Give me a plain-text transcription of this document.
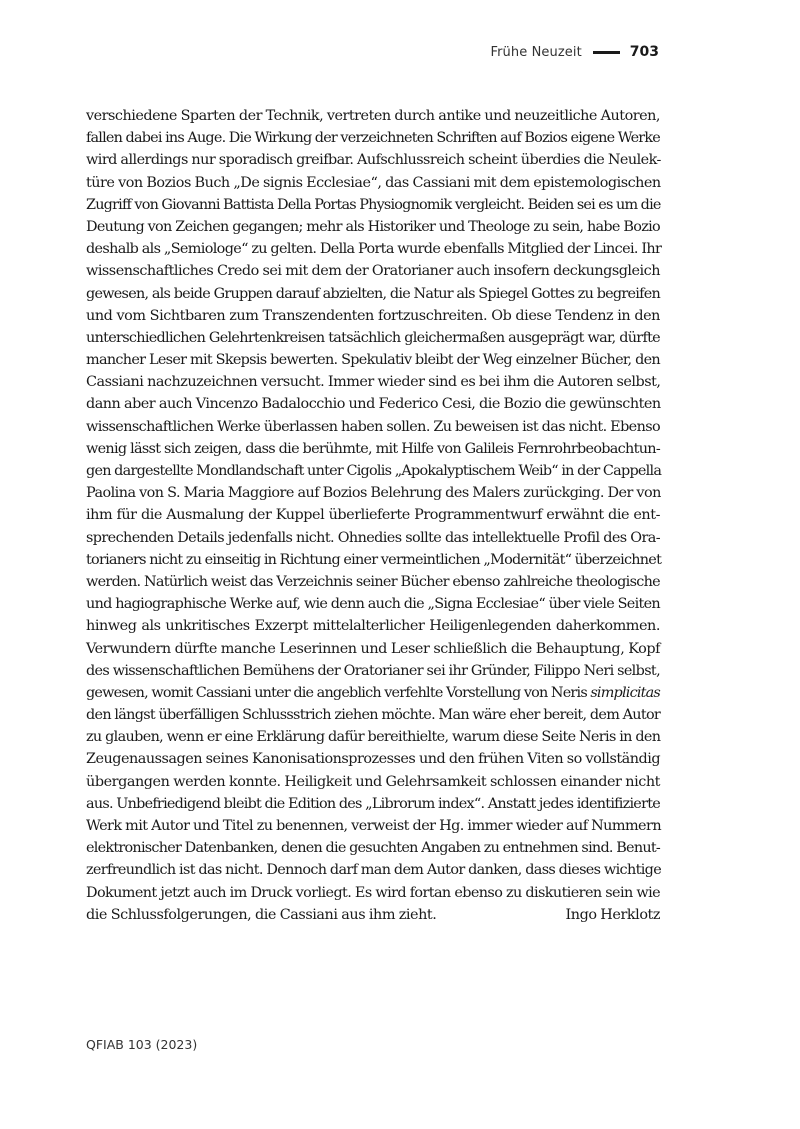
Frühe Neuzeit	703
verschiedene Sparten der Technik, vertreten durch antike und neuzeitliche Autoren,
fallen dabei ins Auge. Die Wirkung der verzeichneten Schriften auf Bozios eigene Werke
wird allerdings nur sporadisch greifbar. Aufschlussreich scheint überdies die Neulek-
türe von Bozios Buch „De signis Ecclesiae“, das Cassiani mit dem epistemologischen
Zugriff von Giovanni Battista Della Portas Physiognomik vergleicht. Beiden sei es um die
Deutung von Zeichen gegangen; mehr als Historiker und Theologe zu sein, habe Bozio
deshalb als „Semiologe“ zu gelten. Della Porta wurde ebenfalls Mitglied der Lincei. Ihr
wissenschaftliches Credo sei mit dem der Oratorianer auch insofern deckungsgleich
gewesen, als beide Gruppen darauf abzielten, die Natur als Spiegel Gottes zu begreifen
und vom Sichtbaren zum Transzendenten fortzuschreiten. Ob diese Tendenz in den
unterschiedlichen Gelehrtenkreisen tatsächlich gleichermaßen ausgeprägt war, dürfte
mancher Leser mit Skepsis bewerten. Spekulativ bleibt der Weg einzelner Bücher, den
Cassiani nachzuzeichnen versucht. Immer wieder sind es bei ihm die Autoren selbst,
dann aber auch Vincenzo Badalocchio und Federico Cesi, die Bozio die gewünschten
wissenschaftlichen Werke überlassen haben sollen. Zu beweisen ist das nicht. Ebenso
wenig lässt sich zeigen, dass die berühmte, mit Hilfe von Galileis Fernrohrbeobachtun-
gen dargestellte Mondlandschaft unter Cigolis „Apokalyptischem Weib“ in der Cappella
Paolina von S. Maria Maggiore auf Bozios Belehrung des Malers zurückging. Der von
ihm für die Ausmalung der Kuppel überlieferte Programmentwurf erwähnt die ent-
sprechenden Details jedenfalls nicht. Ohnedies sollte das intellektuelle Profil des Ora-
torianers nicht zu einseitig in Richtung einer vermeintlichen „Modernität“ überzeichnet
werden. Natürlich weist das Verzeichnis seiner Bücher ebenso zahlreiche theologische
und hagiographische Werke auf, wie denn auch die „Signa Ecclesiae“ über viele Seiten
hinweg als unkritisches Exzerpt mittelalterlicher Heiligenlegenden daherkommen.
Verwundern dürfte manche Leserinnen und Leser schließlich die Behauptung, Kopf
des wissenschaftlichen Bemühens der Oratorianer sei ihr Gründer, Filippo Neri selbst,
gewesen, womit Cassiani unter die angeblich verfehlte Vorstellung von Neris simplicitas
den längst überfälligen Schlussstrich ziehen möchte. Man wäre eher bereit, dem Autor
zu glauben, wenn er eine Erklärung dafür bereithielte, warum diese Seite Neris in den
Zeugenaussagen seines Kanonisationsprozesses und den frühen Viten so vollständig
übergangen werden konnte. Heiligkeit und Gelehrsamkeit schlossen einander nicht
aus. Unbefriedigend bleibt die Edition des „Librorum index“. Anstatt jedes identifizierte
Werk mit Autor und Titel zu benennen, verweist der Hg. immer wieder auf Nummern
elektronischer Datenbanken, denen die gesuchten Angaben zu entnehmen sind. Benut-
zerfreundlich ist das nicht. Dennoch darf man dem Autor danken, dass dieses wichtige
Dokument jetzt auch im Druck vorliegt. Es wird fortan ebenso zu diskutieren sein wie
die Schlussfolgerungen, die Cassiani aus ihm zieht.	Ingo Herklotz
QFIAB 103 (2023)
